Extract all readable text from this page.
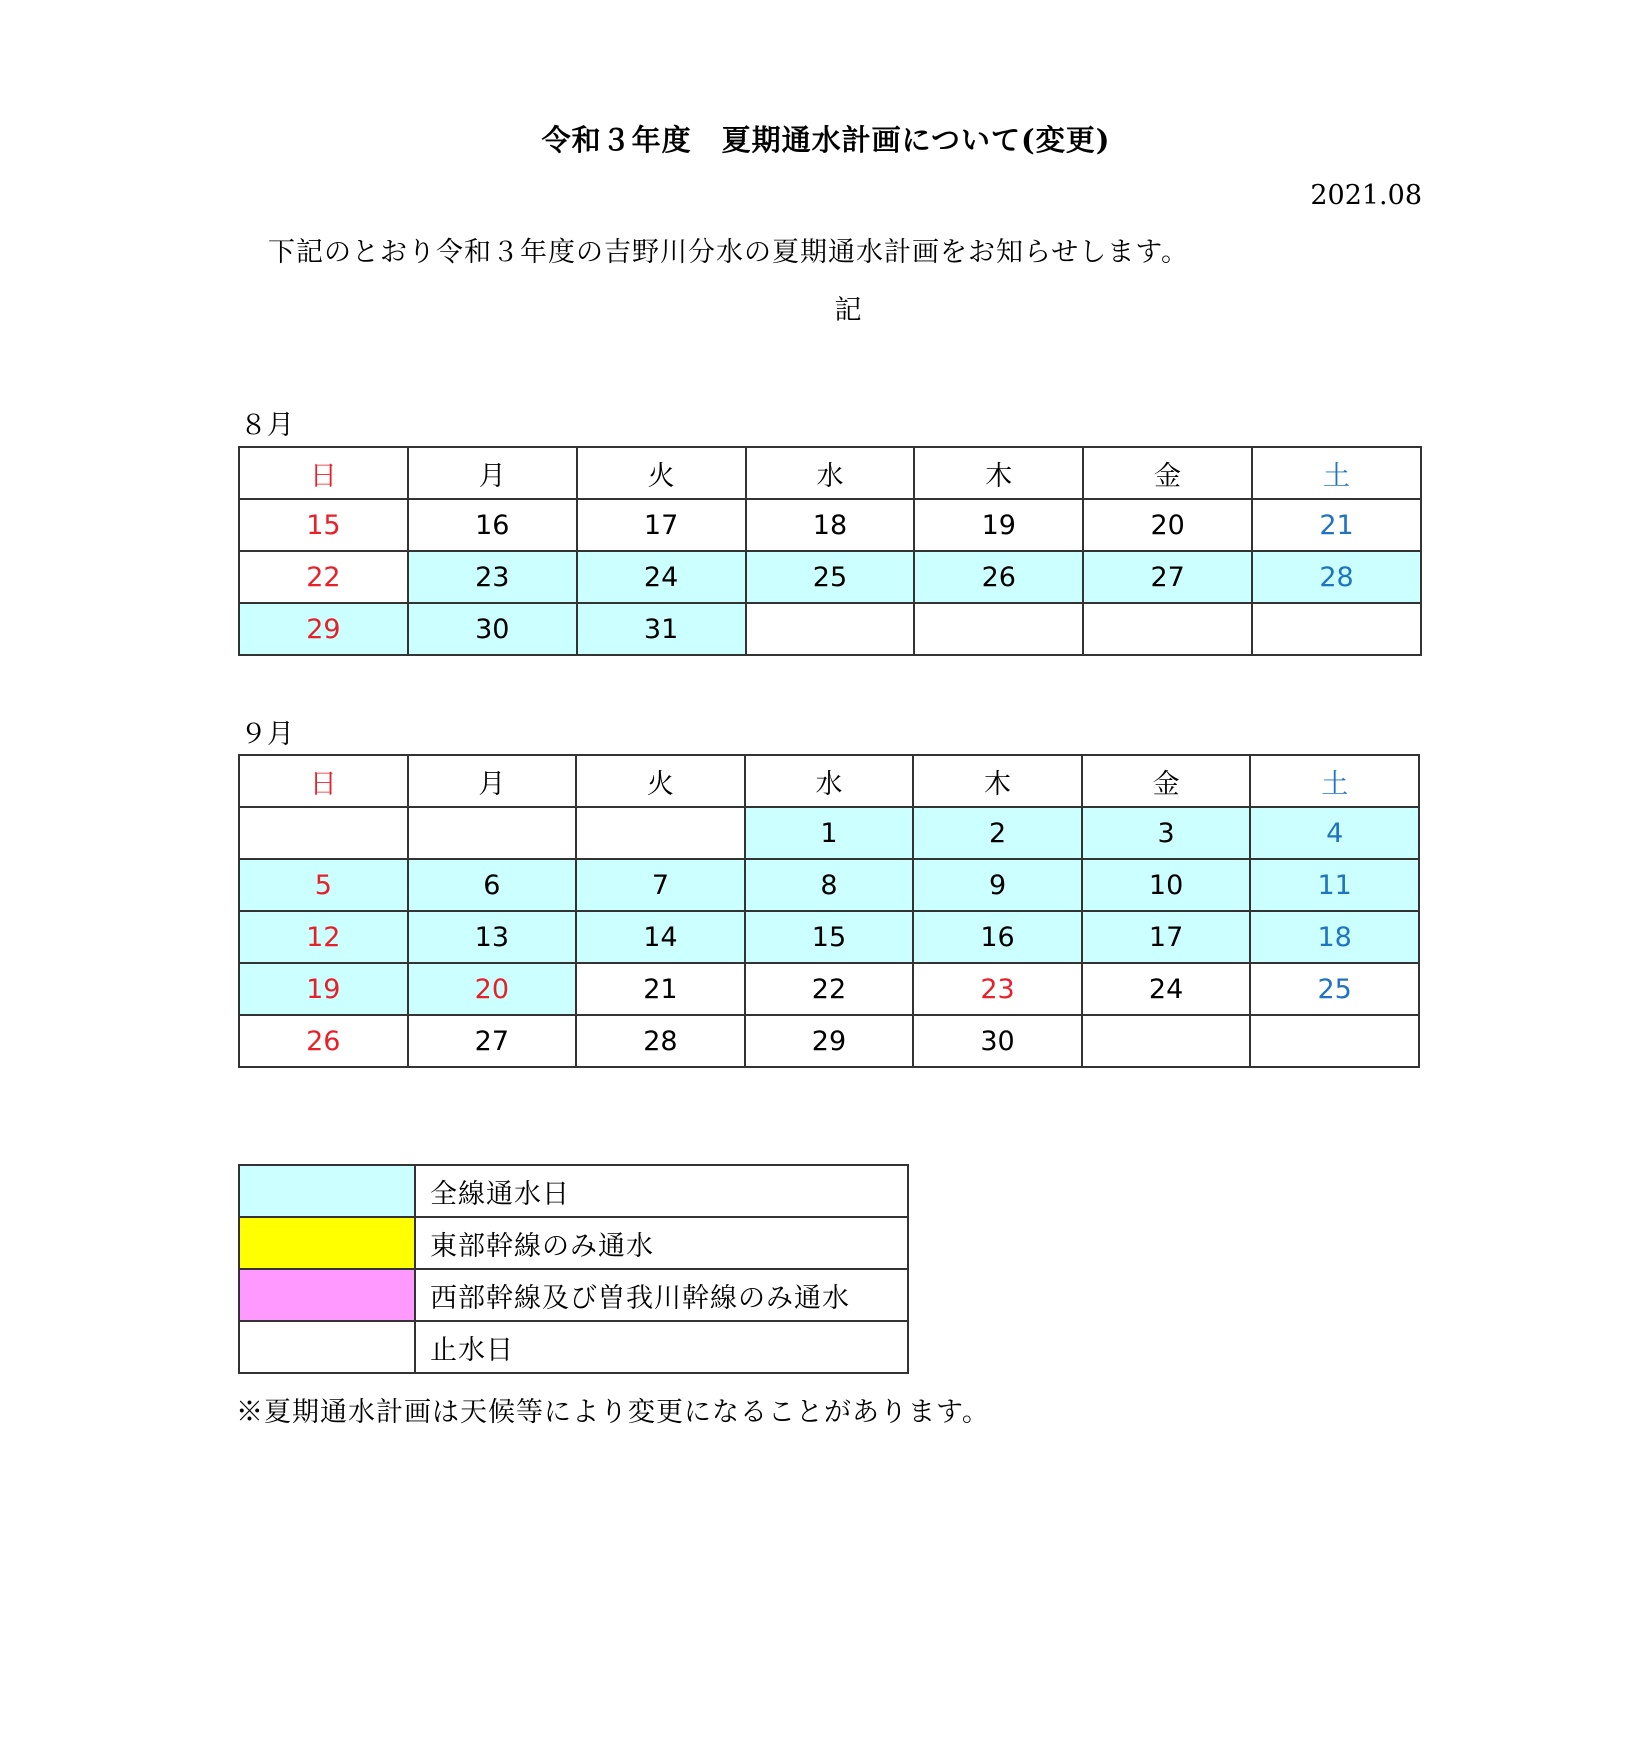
令和３年度　夏期通水計画について(変更)
2021.08
下記のとおり令和３年度の吉野川分水の夏期通水計画をお知らせします。
記
８月
日	月	火	水	木	金	土
15	16	17	18	19	20	21
22	23	24	25	26	27	28
29	30	31				
９月
日	月	火	水	木	金	土
			1	2	3	4
5	6	7	8	9	10	11
12	13	14	15	16	17	18
19	20	21	22	23	24	25
26	27	28	29	30		
	全線通水日
	東部幹線のみ通水
	西部幹線及び曽我川幹線のみ通水
	止水日
※夏期通水計画は天候等により変更になることがあります。
